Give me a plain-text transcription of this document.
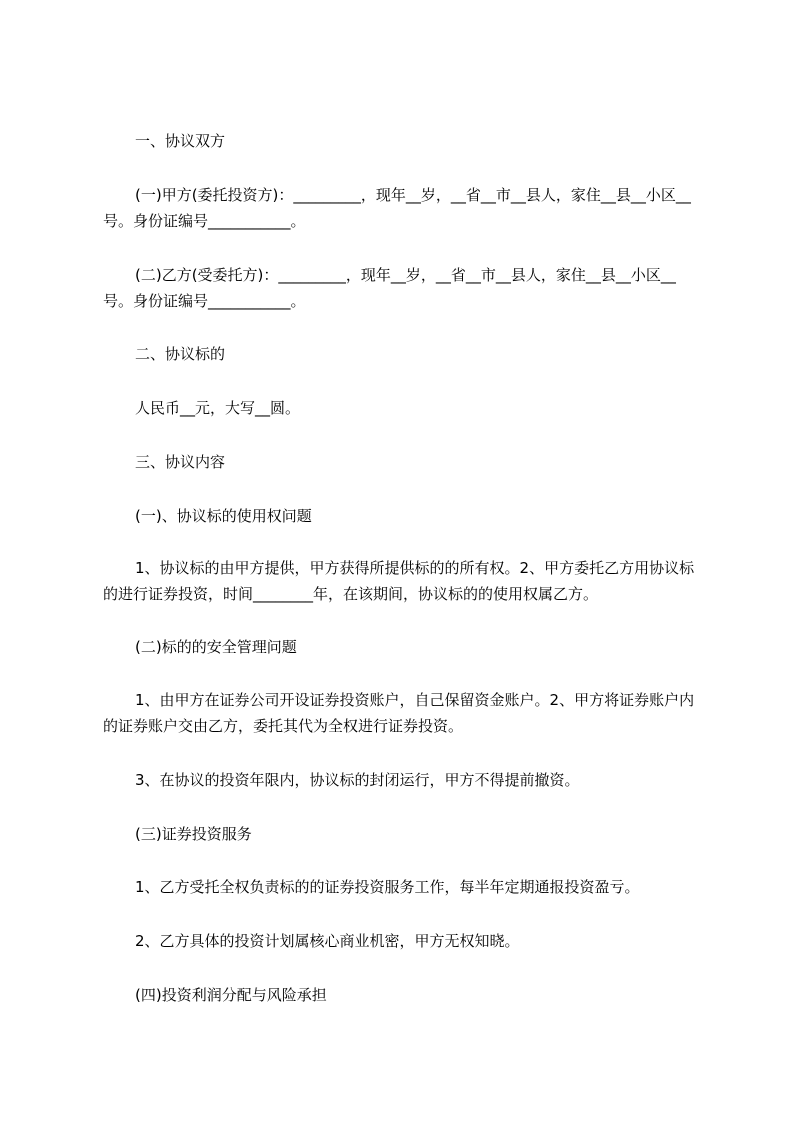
一、协议双方

(一)甲方(委托投资方)：_________，现年__岁，__省__市__县人，家住__县__小区__号。身份证编号___________。

(二)乙方(受委托方)：_________，现年__岁，__省__市__县人，家住__县__小区__号。身份证编号___________。

二、协议标的

人民币__元，大写__圆。

三、协议内容

(一)、协议标的使用权问题

1、协议标的由甲方提供，甲方获得所提供标的的所有权。2、甲方委托乙方用协议标的进行证券投资，时间________年，在该期间，协议标的的使用权属乙方。

(二)标的的安全管理问题

1、由甲方在证券公司开设证券投资账户，自己保留资金账户。2、甲方将证券账户内的证券账户交由乙方，委托其代为全权进行证券投资。

3、在协议的投资年限内，协议标的封闭运行，甲方不得提前撤资。

(三)证券投资服务

1、乙方受托全权负责标的的证券投资服务工作，每半年定期通报投资盈亏。

2、乙方具体的投资计划属核心商业机密，甲方无权知晓。

(四)投资利润分配与风险承担
